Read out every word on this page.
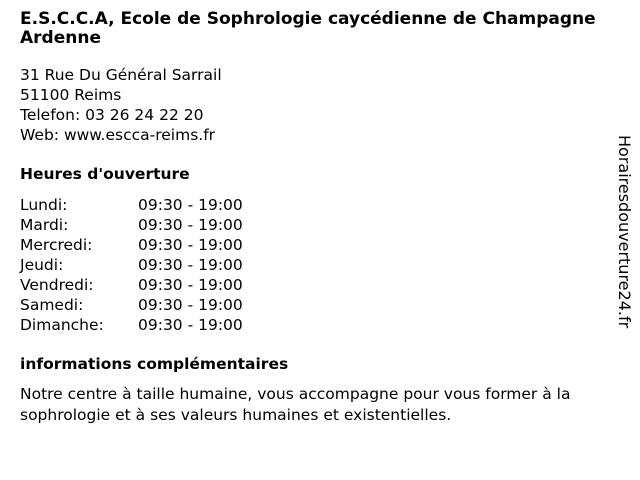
E.S.C.C.A, Ecole de Sophrologie caycédienne de Champagne Ardenne
31 Rue Du Général Sarrail
51100 Reims
Telefon: 03 26 24 22 20
Web: www.escca-reims.fr
Heures d'ouverture
Lundi:	09:30 - 19:00
Mardi:	09:30 - 19:00
Mercredi:	09:30 - 19:00
Jeudi:	09:30 - 19:00
Vendredi:	09:30 - 19:00
Samedi:	09:30 - 19:00
Dimanche:	09:30 - 19:00
informations complémentaires
Notre centre à taille humaine, vous accompagne pour vous former à la sophrologie et à ses valeurs humaines et existentielles.
Horairesdouverture24.fr
